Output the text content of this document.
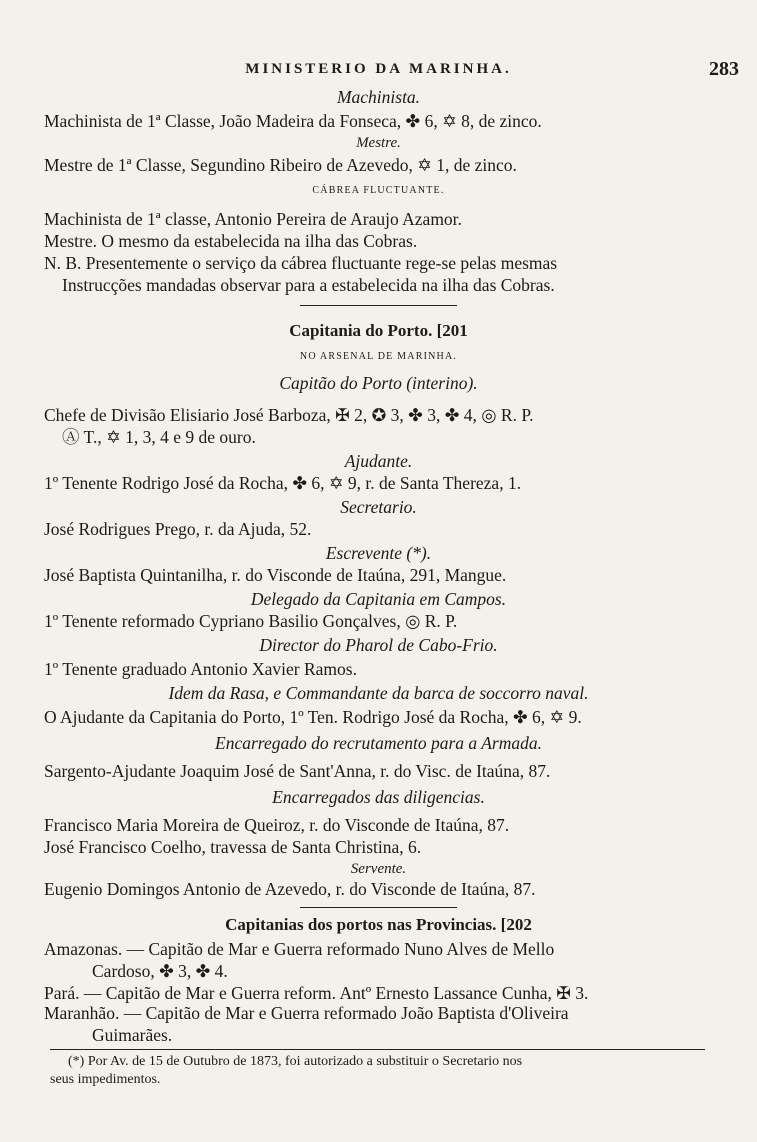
MINISTERIO DA MARINHA.	283
Machinista.
Machinista de 1ª Classe, João Madeira da Fonseca, ✤ 6, ✡ 8, de zinco.
Mestre.
Mestre de 1ª Classe, Segundino Ribeiro de Azevedo, ✡ 1, de zinco.
CÁBREA FLUCTUANTE.
Machinista de 1ª classe, Antonio Pereira de Araujo Azamor.
Mestre. O mesmo da estabelecida na ilha das Cobras.
N. B. Presentemente o serviço da cábrea fluctuante rege-se pelas mesmas
Instrucções mandadas observar para a estabelecida na ilha das Cobras.
Capitania do Porto. [201
NO ARSENAL DE MARINHA.
Capitão do Porto (interino).
Chefe de Divisão Elisiario José Barboza, ✠ 2, ✪ 3, ✤ 3, ✤ 4, ◎ R. P.
Ⓐ T., ✡ 1, 3, 4 e 9 de ouro.
Ajudante.
1º Tenente Rodrigo José da Rocha, ✤ 6, ✡ 9, r. de Santa Thereza, 1.
Secretario.
José Rodrigues Prego, r. da Ajuda, 52.
Escrevente (*).
José Baptista Quintanilha, r. do Visconde de Itaúna, 291, Mangue.
Delegado da Capitania em Campos.
1º Tenente reformado Cypriano Basilio Gonçalves, ◎ R. P.
Director do Pharol de Cabo-Frio.
1º Tenente graduado Antonio Xavier Ramos.
Idem da Rasa, e Commandante da barca de soccorro naval.
O Ajudante da Capitania do Porto, 1º Ten. Rodrigo José da Rocha, ✤ 6, ✡ 9.
Encarregado do recrutamento para a Armada.
Sargento-Ajudante Joaquim José de Sant'Anna, r. do Visc. de Itaúna, 87.
Encarregados das diligencias.
Francisco Maria Moreira de Queiroz, r. do Visconde de Itaúna, 87.
José Francisco Coelho, travessa de Santa Christina, 6.
Servente.
Eugenio Domingos Antonio de Azevedo, r. do Visconde de Itaúna, 87.
Capitanias dos portos nas Provincias. [202
Amazonas. — Capitão de Mar e Guerra reformado Nuno Alves de Mello
Cardoso, ✤ 3, ✤ 4.
Pará. — Capitão de Mar e Guerra reform. Antº Ernesto Lassance Cunha, ✠ 3.
Maranhão. — Capitão de Mar e Guerra reformado João Baptista d'Oliveira
Guimarães.
(*) Por Av. de 15 de Outubro de 1873, foi autorizado a substituir o Secretario nos
seus impedimentos.
